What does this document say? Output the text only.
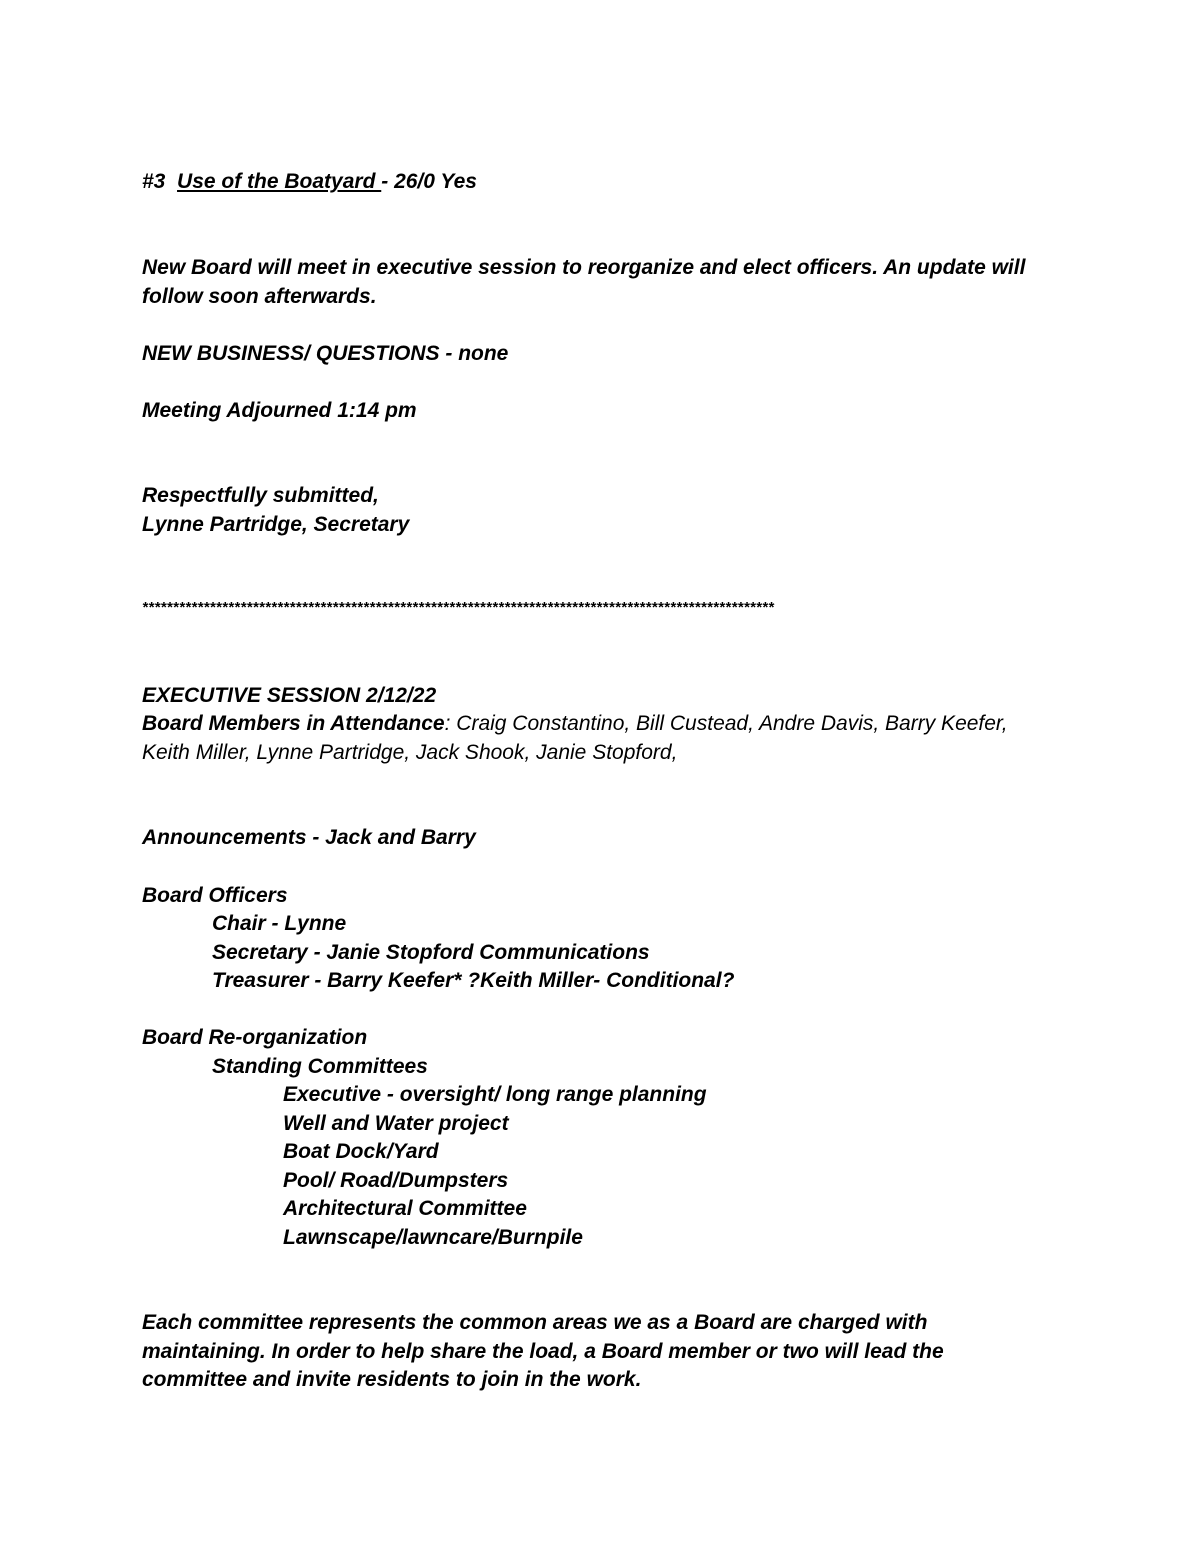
#3 Use of the Boatyard - 26/0 Yes
New Board will meet in executive session to reorganize and elect officers. An update will
follow soon afterwards.
NEW BUSINESS/ QUESTIONS - none
Meeting Adjourned 1:14 pm
Respectfully submitted,
Lynne Partridge, Secretary
*******************************************************************************************************
EXECUTIVE SESSION 2/12/22
Board Members in Attendance: Craig Constantino, Bill Custead, Andre Davis, Barry Keefer,
Keith Miller, Lynne Partridge, Jack Shook, Janie Stopford,
Announcements - Jack and Barry
Board Officers
Chair - Lynne
Secretary - Janie Stopford Communications
Treasurer - Barry Keefer* ?Keith Miller- Conditional?
Board Re-organization
Standing Committees
Executive - oversight/ long range planning
Well and Water project
Boat Dock/Yard
Pool/ Road/Dumpsters
Architectural Committee
Lawnscape/lawncare/Burnpile
Each committee represents the common areas we as a Board are charged with
maintaining. In order to help share the load, a Board member or two will lead the
committee and invite residents to join in the work.
